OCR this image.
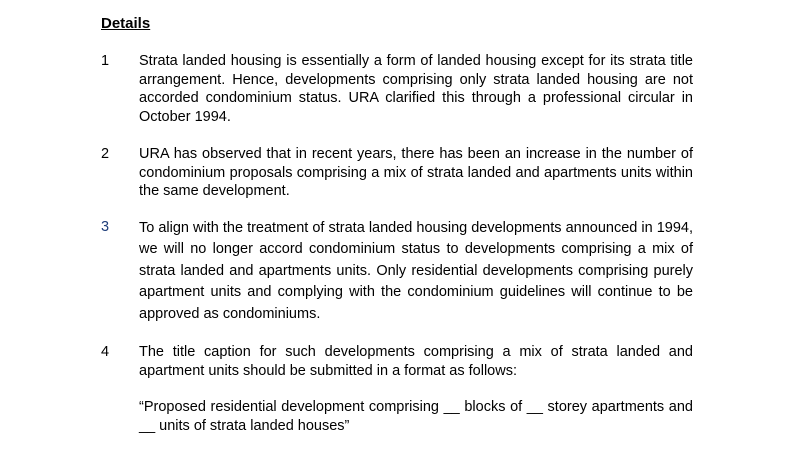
Details
1 Strata landed housing is essentially a form of landed housing except for its strata title arrangement. Hence, developments comprising only strata landed housing are not accorded condominium status. URA clarified this through a professional circular in October 1994.
2 URA has observed that in recent years, there has been an increase in the number of condominium proposals comprising a mix of strata landed and apartments units within the same development.
3 To align with the treatment of strata landed housing developments announced in 1994, we will no longer accord condominium status to developments comprising a mix of strata landed and apartments units. Only residential developments comprising purely apartment units and complying with the condominium guidelines will continue to be approved as condominiums.
4 The title caption for such developments comprising a mix of strata landed and apartment units should be submitted in a format as follows:
“Proposed residential development comprising __ blocks of __ storey apartments and __ units of strata landed houses”
